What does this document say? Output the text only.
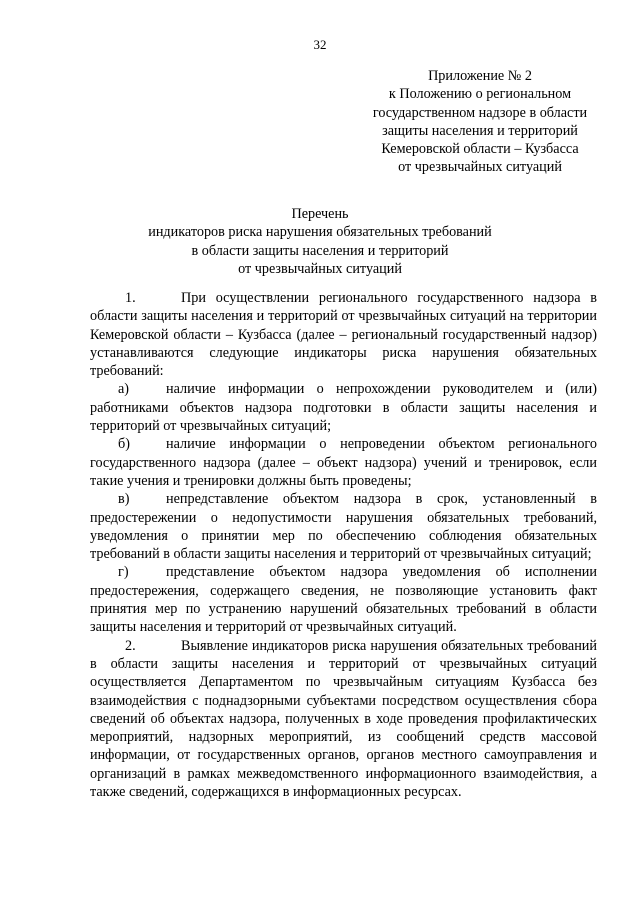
32
Приложение № 2
к Положению о региональном
государственном надзоре в области
защиты населения и территорий
Кемеровской области – Кузбасса
от чрезвычайных ситуаций
Перечень
индикаторов риска нарушения обязательных требований
в области защиты населения и территорий
от чрезвычайных ситуаций

1.	При осуществлении регионального государственного надзора в области защиты населения и территорий от чрезвычайных ситуаций на территории Кемеровской области – Кузбасса (далее – региональный государственный надзор) устанавливаются следующие индикаторы риска нарушения обязательных требований:

а)	наличие информации о непрохождении руководителем и (или) работниками объектов надзора подготовки в области защиты населения и территорий от чрезвычайных ситуаций;

б)	наличие информации о непроведении объектом регионального государственного надзора (далее – объект надзора) учений и тренировок, если такие учения и тренировки должны быть проведены;

в)	непредставление объектом надзора в срок, установленный в предостережении о недопустимости нарушения обязательных требований, уведомления о принятии мер по обеспечению соблюдения обязательных требований в области защиты населения и территорий от чрезвычайных ситуаций;

г)	представление объектом надзора уведомления об исполнении предостережения, содержащего сведения, не позволяющие установить факт принятия мер по устранению нарушений обязательных требований в области защиты населения и территорий от чрезвычайных ситуаций.

2.	Выявление индикаторов риска нарушения обязательных требований в области защиты населения и территорий от чрезвычайных ситуаций осуществляется Департаментом по чрезвычайным ситуациям Кузбасса без взаимодействия с поднадзорными субъектами посредством осуществления сбора сведений об объектах надзора, полученных в ходе проведения профилактических мероприятий, надзорных мероприятий, из сообщений средств массовой информации, от государственных органов, органов местного самоуправления и организаций в рамках межведомственного информационного взаимодействия, а также сведений, содержащихся в информационных ресурсах.
